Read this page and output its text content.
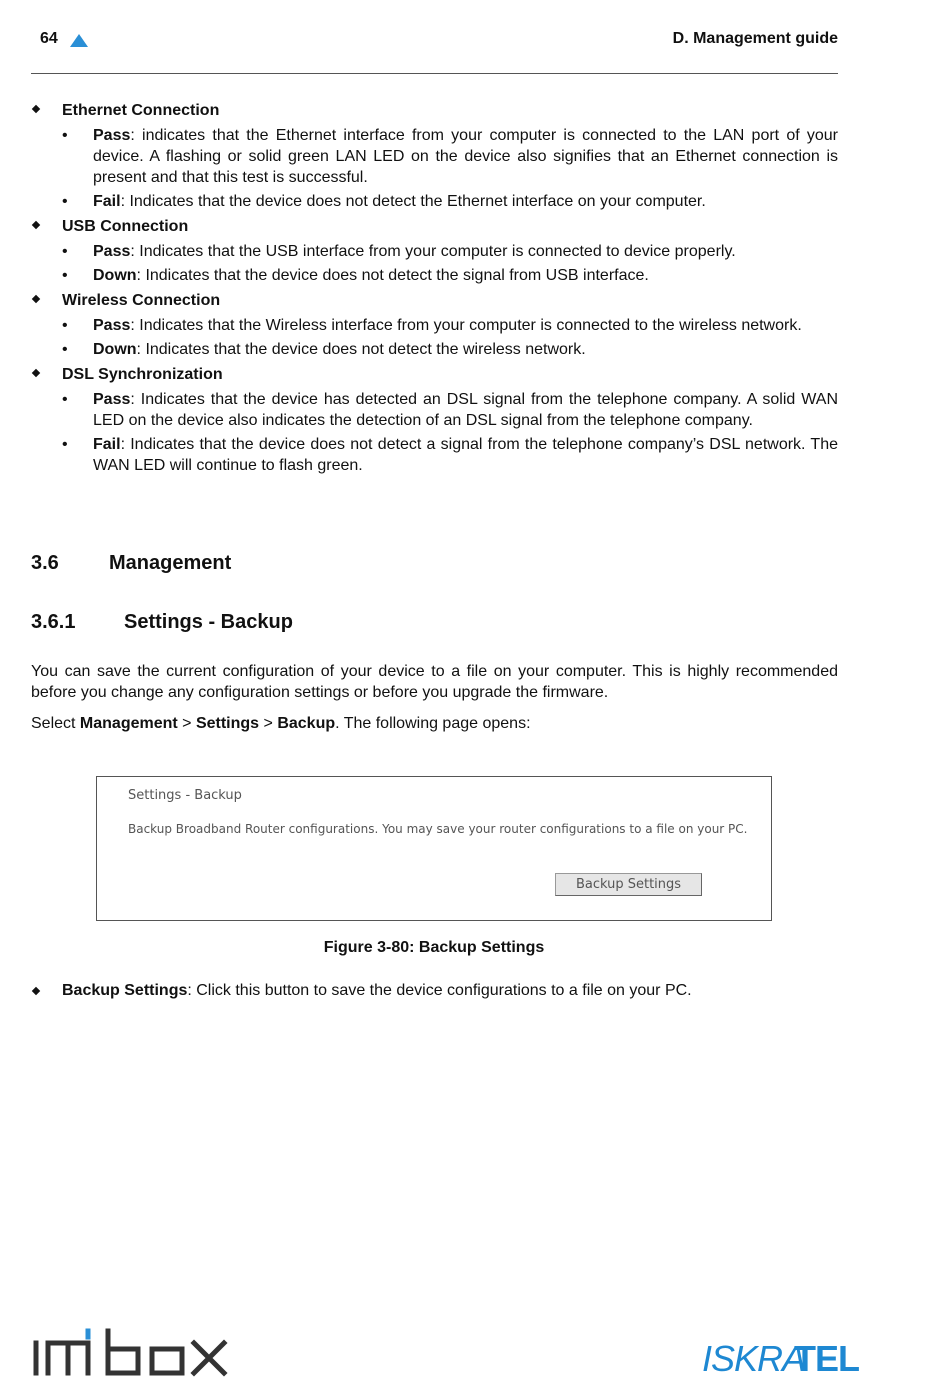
64	D. Management guide
Ethernet Connection
• Pass: indicates that the Ethernet interface from your computer is connected to the LAN port of your device. A flashing or solid green LAN LED on the device also signifies that an Ethernet connection is present and that this test is successful.
• Fail: Indicates that the device does not detect the Ethernet interface on your computer.
USB Connection
• Pass: Indicates that the USB interface from your computer is connected to device properly.
• Down: Indicates that the device does not detect the signal from USB interface.
Wireless Connection
• Pass: Indicates that the Wireless interface from your computer is connected to the wireless network.
• Down: Indicates that the device does not detect the wireless network.
DSL Synchronization
• Pass: Indicates that the device has detected an DSL signal from the telephone company. A solid WAN LED on the device also indicates the detection of an DSL signal from the telephone company.
• Fail: Indicates that the device does not detect a signal from the telephone company’s DSL network. The WAN LED will continue to flash green.
3.6	Management
3.6.1 Settings - Backup
You can save the current configuration of your device to a file on your computer. This is highly recommended before you change any configuration settings or before you upgrade the firmware.
Select Management > Settings > Backup. The following page opens:
Settings - Backup
Backup Broadband Router configurations. You may save your router configurations to a file on your PC.
Backup Settings
Figure 3-80: Backup Settings
Backup Settings: Click this button to save the device configurations to a file on your PC.
ISKRA
TEL
